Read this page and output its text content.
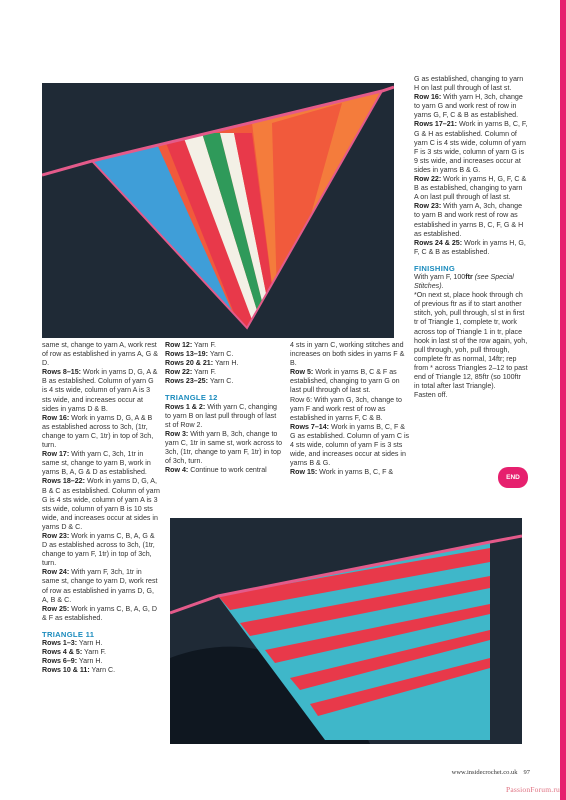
same st, change to yarn A, work rest of row as established in yarns A, G & D.

Rows 8–15: Work in yarns D, G, A & B as established. Column of yarn G is 4 sts wide, column of yarn A is 3 sts wide, and increases occur at sides in yarns D & B.

Row 16: Work in yarns D, G, A & B as established across to 3ch, (1tr, change to yarn C, 1tr) in top of 3ch, turn.

Row 17: With yarn C, 3ch, 1tr in same st, change to yarn B, work in yarns B, A, G & D as established.

Rows 18–22: Work in yarns D, G, A, B & C as established. Column of yarn G is 4 sts wide, column of yarn A is 3 sts wide, column of yarn B is 10 sts wide, and increases occur at sides in yarns D & C.

Row 23: Work in yarns C, B, A, G & D as established across to 3ch, (1tr, change to yarn F, 1tr) in top of 3ch, turn.

Row 24: With yarn F, 3ch, 1tr in same st, change to yarn D, work rest of row as established in yarns D, G, A, B & C.

Row 25: Work in yarns C, B, A, G, D & F as established.

TRIANGLE 11

Rows 1–3: Yarn H.

Rows 4 & 5: Yarn F.

Rows 6–9: Yarn H.

Rows 10 & 11: Yarn C.

Row 12: Yarn F.

Rows 13–19: Yarn C.

Rows 20 & 21: Yarn H.

Row 22: Yarn F.

Rows 23–25: Yarn C.

TRIANGLE 12

Rows 1 & 2: With yarn C, changing to yarn B on last pull through of last st of Row 2.

Row 3: With yarn B, 3ch, change to yarn C, 1tr in same st, work across to 3ch, (1tr, change to yarn F, 1tr) in top of 3ch, turn.

Row 4: Continue to work central

4 sts in yarn C, working stitches and increases on both sides in yarns F & B.

Row 5: Work in yarns B, C & F as established, changing to yarn G on last pull through of last st.

Row 6: With yarn G, 3ch, change to yarn F and work rest of row as established in yarns F, C & B.

Rows 7–14: Work in yarns B, C, F & G as established. Column of yarn C is 4 sts wide, column of yarn F is 3 sts wide, and increases occur at sides in yarns B & G.

Row 15: Work in yarns B, C, F &

G as established, changing to yarn H on last pull through of last st.

Row 16: With yarn H, 3ch, change to yarn G and work rest of row in yarns G, F, C & B as established.

Rows 17–21: Work in yarns B, C, F, G & H as established. Column of yarn C is 4 sts wide, column of yarn F is 3 sts wide, column of yarn G is 9 sts wide, and increases occur at sides in yarns B & G.

Row 22: Work in yarns H, G, F, C & B as established, changing to yarn A on last pull through of last st.

Row 23: With yarn A, 3ch, change to yarn B and work rest of row as established in yarns B, C, F, G & H as established.

Rows 24 & 25: Work in yarns H, G, F, C & B as established.

FINISHING

With yarn F, 100ftr (see Special Stitches).

*On next st, place hook through ch of previous ftr as if to start another stitch, yoh, pull through, sl st in first tr of Triangle 1, complete tr, work across top of Triangle 1 in tr, place hook in last st of the row again, yoh, pull through, yoh, pull through, complete ftr as normal, 14ftr; rep from * across Triangles 2–12 to past end of Triangle 12, 85ftr (so 100ftr in total after last Triangle).

Fasten off.

END
www.insidecrochet.co.uk 97
PassionForum.ru
